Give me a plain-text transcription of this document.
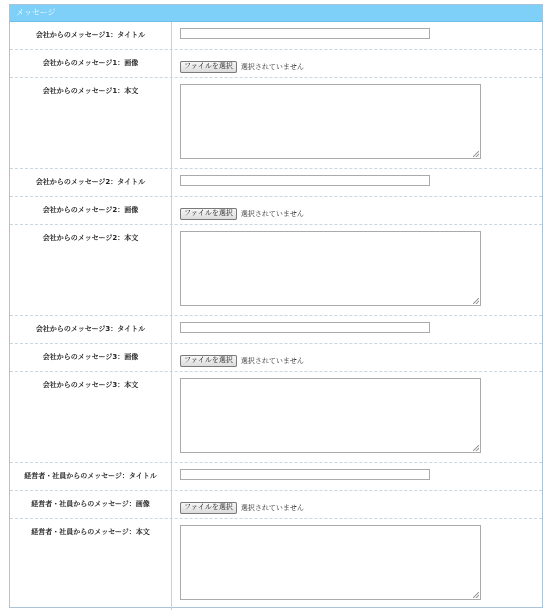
メッセージ
会社からのメッセージ1：タイトル
会社からのメッセージ1：画像	ファイルを選択	選択されていません
会社からのメッセージ1：本文
会社からのメッセージ2：タイトル
会社からのメッセージ2：画像	ファイルを選択	選択されていません
会社からのメッセージ2：本文
会社からのメッセージ3：タイトル
会社からのメッセージ3：画像	ファイルを選択	選択されていません
会社からのメッセージ3：本文
経営者・社員からのメッセージ：タイトル
経営者・社員からのメッセージ：画像	ファイルを選択	選択されていません
経営者・社員からのメッセージ：本文
